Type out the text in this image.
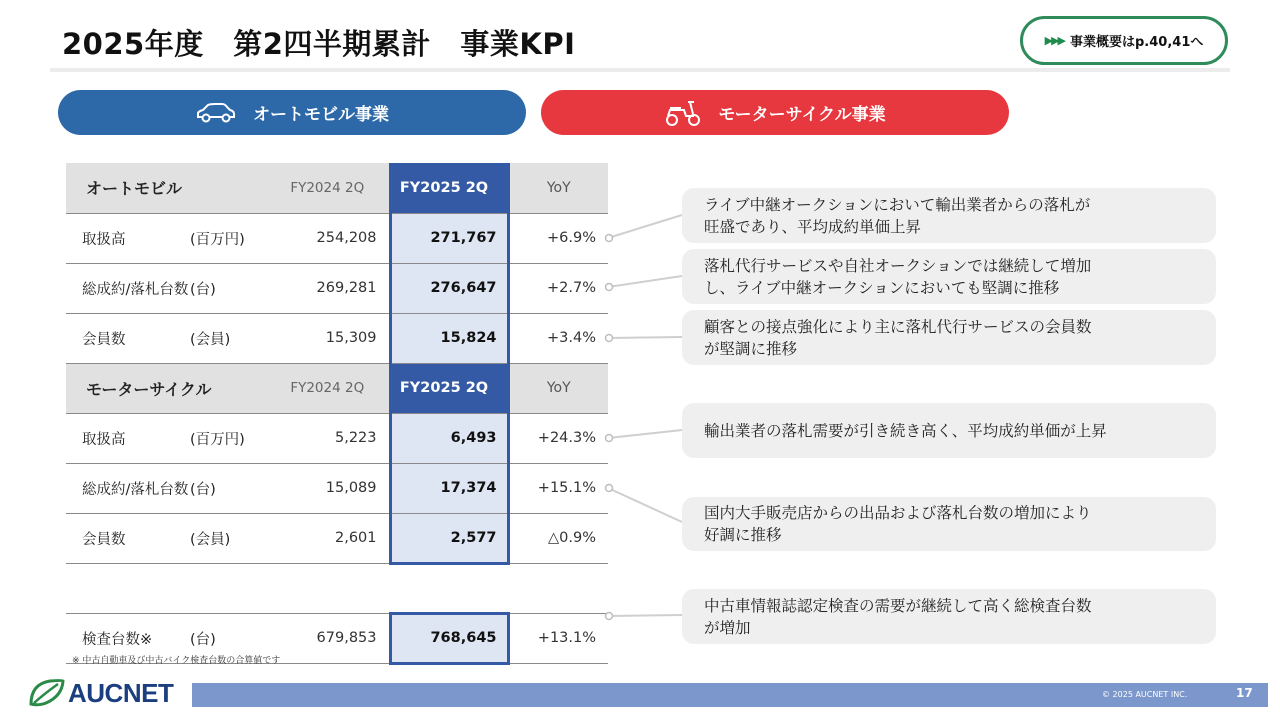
2025年度　第2四半期累計　事業KPI	▶▶▶ 事業概要はp.40,41へ
オートモビル事業	モーターサイクル事業
オートモビル		FY2024 2Q	FY2025 2Q	YoY
取扱高	(百万円)	254,208	271,767	+6.9%
総成約/落札台数	(台)	269,281	276,647	+2.7%
会員数	(会員)	15,309	15,824	+3.4%
モーターサイクル		FY2024 2Q	FY2025 2Q	YoY
取扱高	(百万円)	5,223	6,493	+24.3%
総成約/落札台数	(台)	15,089	17,374	+15.1%
会員数	(会員)	2,601	2,577	△0.9%

検査台数※	(台)	679,853	768,645	+13.1%
※ 中古自動車及び中古バイク検査台数の合算値です
ライブ中継オークションにおいて輸出業者からの落札が
旺盛であり、平均成約単価上昇
落札代行サービスや自社オークションでは継続して増加
し、ライブ中継オークションにおいても堅調に推移
顧客との接点強化により主に落札代行サービスの会員数
が堅調に推移
輸出業者の落札需要が引き続き高く、平均成約単価が上昇
国内大手販売店からの出品および落札台数の増加により
好調に推移
中古車情報誌認定検査の需要が継続して高く総検査台数
が増加
AUCNET	© 2025 AUCNET INC.	17
